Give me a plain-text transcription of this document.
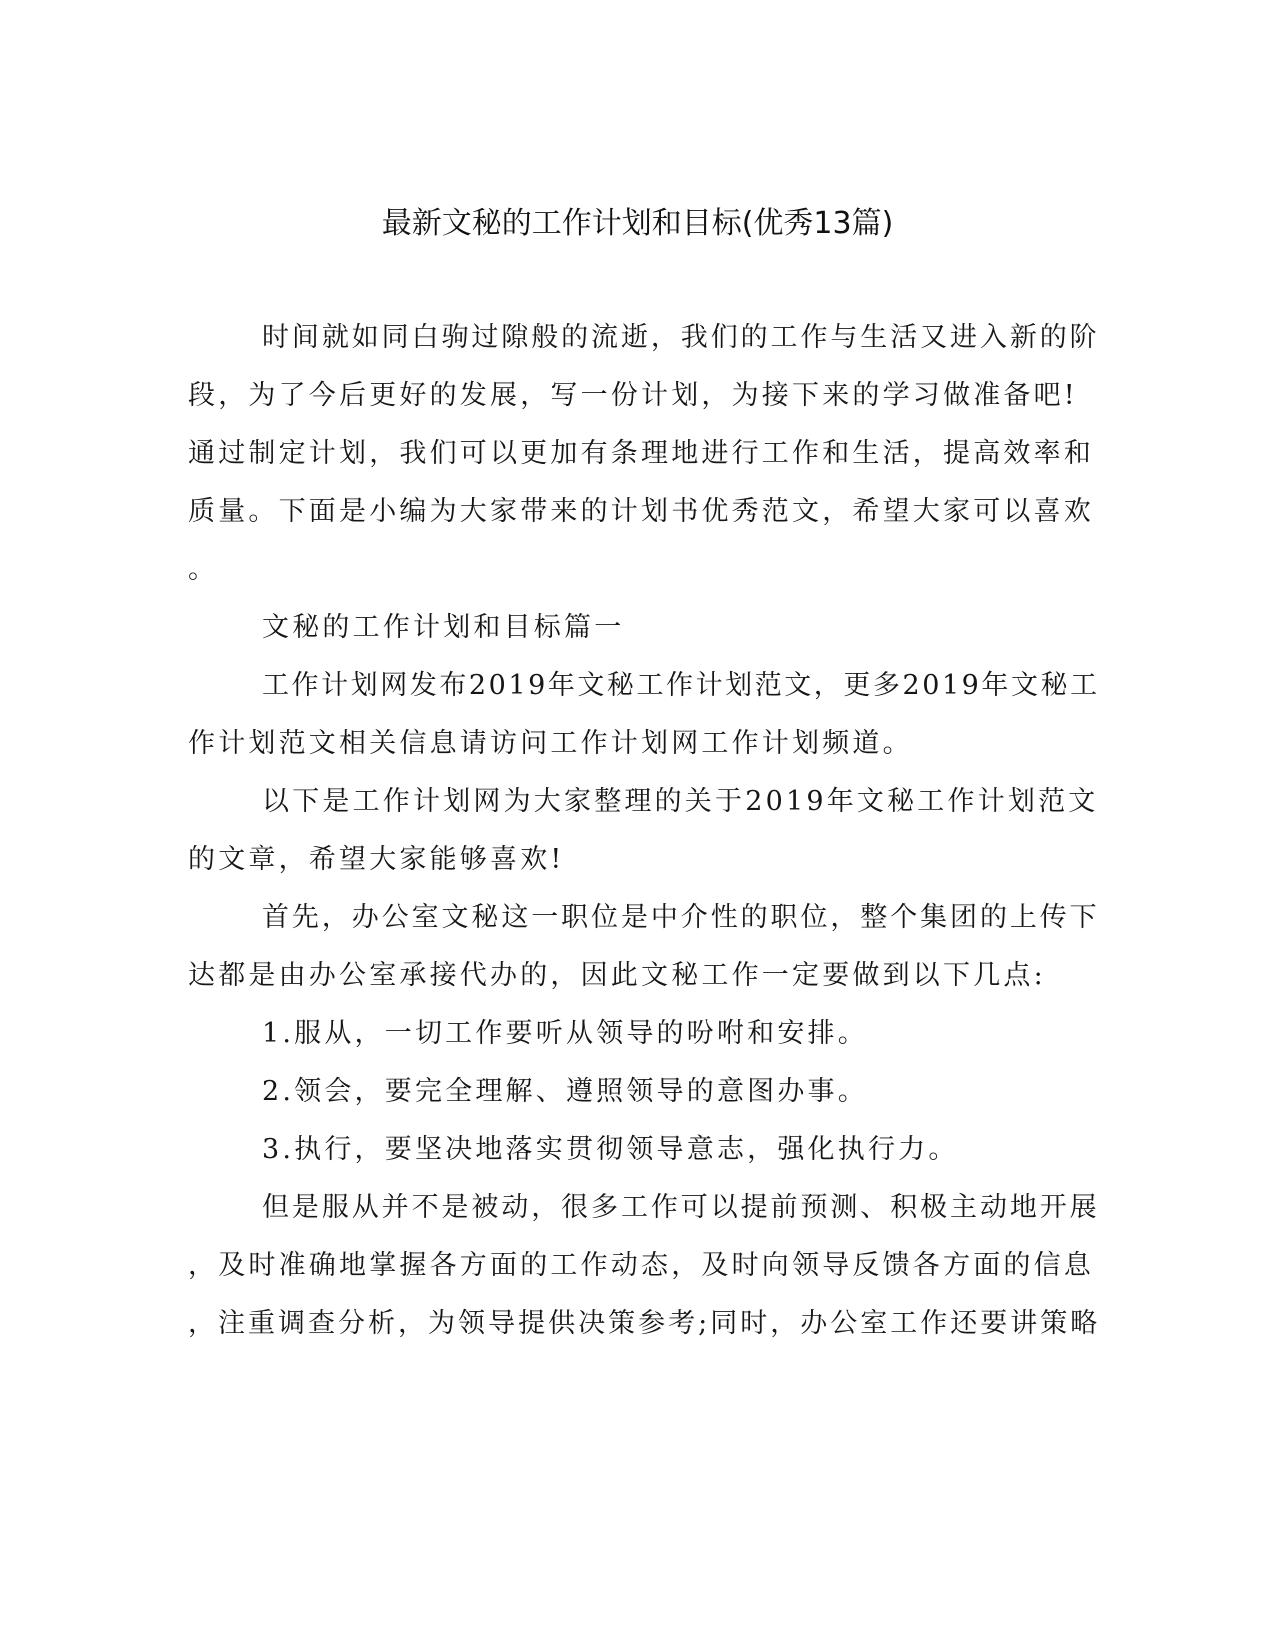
最新文秘的工作计划和目标(优秀13篇)

时间就如同白驹过隙般的流逝，我们的工作与生活又进入新的阶

段，为了今后更好的发展，写一份计划，为接下来的学习做准备吧!

通过制定计划，我们可以更加有条理地进行工作和生活，提高效率和

质量。下面是小编为大家带来的计划书优秀范文，希望大家可以喜欢

。

文秘的工作计划和目标篇一

工作计划网发布2019年文秘工作计划范文，更多2019年文秘工

作计划范文相关信息请访问工作计划网工作计划频道。

以下是工作计划网为大家整理的关于2019年文秘工作计划范文

的文章，希望大家能够喜欢!

首先，办公室文秘这一职位是中介性的职位，整个集团的上传下

达都是由办公室承接代办的，因此文秘工作一定要做到以下几点:

1.服从，一切工作要听从领导的吩咐和安排。

2.领会，要完全理解、遵照领导的意图办事。

3.执行，要坚决地落实贯彻领导意志，强化执行力。

但是服从并不是被动，很多工作可以提前预测、积极主动地开展

，及时准确地掌握各方面的工作动态，及时向领导反馈各方面的信息

，注重调查分析，为领导提供决策参考;同时，办公室工作还要讲策略
